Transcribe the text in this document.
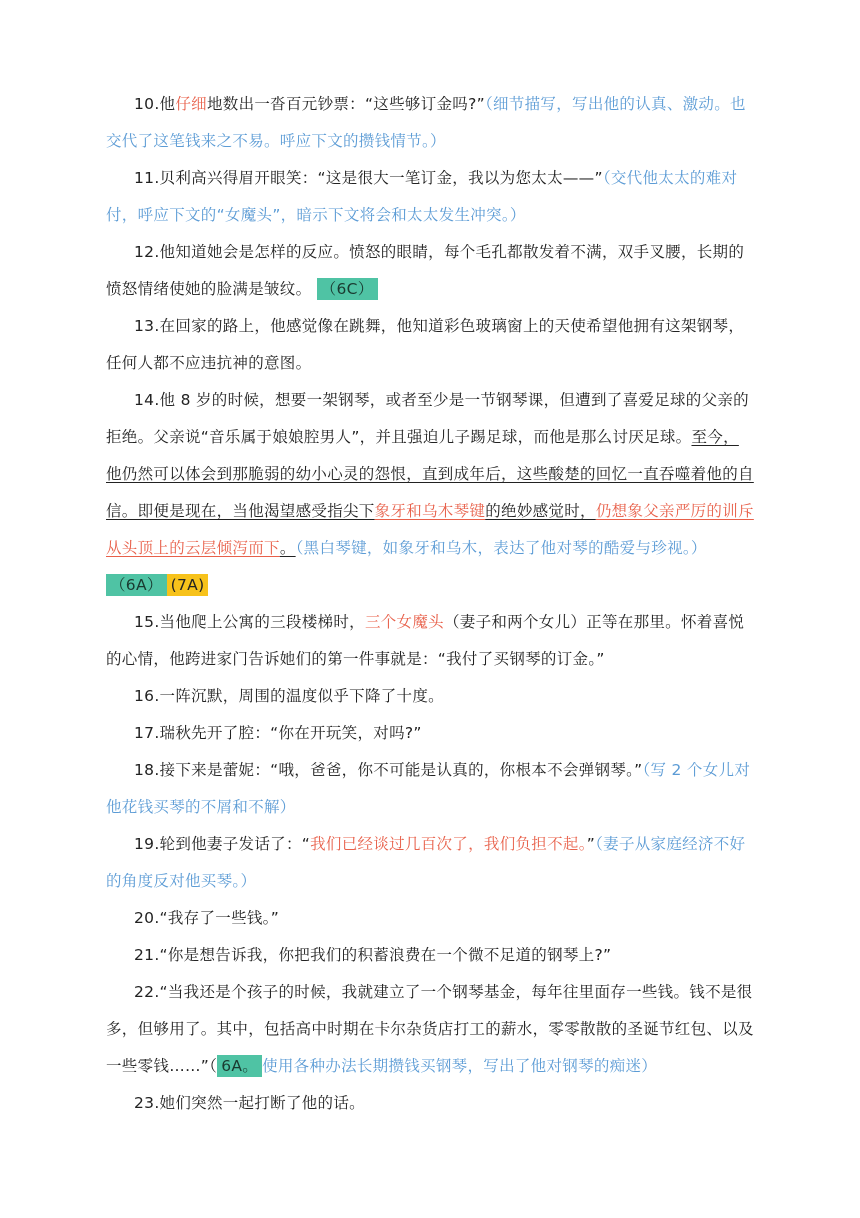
10.他仔细地数出一沓百元钞票：“这些够订金吗?”（细节描写，写出他的认真、激动。也交代了这笔钱来之不易。呼应下文的攒钱情节。）

11.贝利高兴得眉开眼笑：“这是很大一笔订金，我以为您太太——”（交代他太太的难对付，呼应下文的“女魔头”，暗示下文将会和太太发生冲突。）

12.他知道她会是怎样的反应。愤怒的眼睛，每个毛孔都散发着不满，双手叉腰，长期的愤怒情绪使她的脸满是皱纹。 （6C）

13.在回家的路上，他感觉像在跳舞，他知道彩色玻璃窗上的天使希望他拥有这架钢琴，任何人都不应违抗神的意图。

14.他 8 岁的时候，想要一架钢琴，或者至少是一节钢琴课，但遭到了喜爱足球的父亲的拒绝。父亲说“音乐属于娘娘腔男人”，并且强迫儿子踢足球，而他是那么讨厌足球。至今，他仍然可以体会到那脆弱的幼小心灵的怨恨，直到成年后，这些酸楚的回忆一直吞噬着他的自信。即便是现在，当他渴望感受指尖下象牙和乌木琴键的绝妙感觉时，仍想象父亲严厉的训斥从头顶上的云层倾泻而下。（黑白琴键，如象牙和乌木，表达了他对琴的酷爱与珍视。）
（6A） (7A)

15.当他爬上公寓的三段楼梯时，三个女魔头（妻子和两个女儿）正等在那里。怀着喜悦的心情，他跨进家门告诉她们的第一件事就是：“我付了买钢琴的订金。”

16.一阵沉默，周围的温度似乎下降了十度。

17.瑞秋先开了腔：“你在开玩笑，对吗?”

18.接下来是蕾妮：“哦，爸爸，你不可能是认真的，你根本不会弹钢琴。”（写 2 个女儿对他花钱买琴的不屑和不解）

19.轮到他妻子发话了：“我们已经谈过几百次了，我们负担不起。”（妻子从家庭经济不好的角度反对他买琴。）

20.“我存了一些钱。”

21.“你是想告诉我，你把我们的积蓄浪费在一个微不足道的钢琴上?”

22.“当我还是个孩子的时候，我就建立了一个钢琴基金，每年往里面存一些钱。钱不是很多，但够用了。其中，包括高中时期在卡尔杂货店打工的薪水，零零散散的圣诞节红包、以及一些零钱……”（ 6A。 使用各种办法长期攒钱买钢琴，写出了他对钢琴的痴迷）

23.她们突然一起打断了他的话。
